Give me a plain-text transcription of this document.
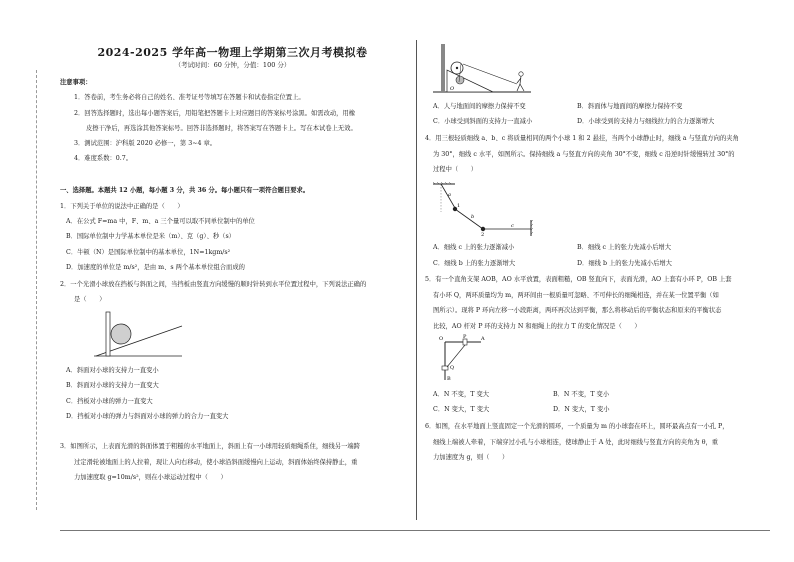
2024-2025 学年高一物理上学期第三次月考模拟卷
（考试时间：60 分钟，分值：100 分）
注意事项：
1．答卷前，考生务必将自己的姓名、准考证号等填写在答题卡和试卷指定位置上。
2．回答选择题时，选出每小题答案后，用铅笔把答题卡上对应题目的答案标号涂黑。如需改动，用橡
皮擦干净后，再选涂其他答案标号。回答非选择题时，将答案写在答题卡上。写在本试卷上无效。
3．测试范围：沪科版 2020 必修一，第 3~4 章。
4．难度系数：0.7。
一、选择题。本题共 12 小题，每小题 3 分，共 36 分。每小题只有一项符合题目要求。
1．下列关于单位的说法中正确的是（　　）
A．在公式 F=ma 中，F、m、a 三个量可以取不同单位制中的单位
B．国际单位制中力学基本单位是米（m）、克（g）、秒（s）
C．牛顿（N）是国际单位制中的基本单位，1N=1kgm/s²
D．加速度的单位是 m/s²，是由 m、s 两个基本单位组合而成的
2．一个光滑小球放在挡板与斜面之间，当挡板由竖直方向缓慢的顺时针转到水平位置过程中，下列说法正确的
是（　　）
A．斜面对小球的支持力一直变小
B．斜面对小球的支持力一直变大
C．挡板对小球的弹力一直变大
D．挡板对小球的弹力与斜面对小球的弹力的合力一直变大
3．如图所示，上表面光滑的斜面体置于粗糙的水平地面上，斜面上有一小球用轻质细绳系住，细线另一端跨
过定滑轮被地面上的人拉着，现让人向右移动，使小球沿斜面缓慢向上运动，斜面体始终保持静止，重
力加速度取 g=10m/s²，则在小球运动过程中（　　）
O
A．人与地面间的摩擦力保持不变	B．斜面体与地面间的摩擦力保持不变
C．小球受到斜面的支持力一直减小	D．小球受到的支持力与细线拉力的合力逐渐增大
4．用三根轻质细线 a、b、c 将质量相同的两个小球 1 和 2 悬挂，当两个小球静止时，细线 a 与竖直方向的夹角
为 30°，细线 c 水平，如图所示。保持细线 a 与竖直方向的夹角 30°不变，细线 c 沿逆时针缓慢转过 30°的
过程中（　　）
a
1
b
2
c
A．细线 c 上的张力逐渐减小	B．细线 c 上的张力先减小后增大
C．细线 b 上的张力逐渐增大	D．细线 b 上的张力先减小后增大
5．有一个直角支架 AOB，AO 水平放置，表面粗糙，OB 竖直向下，表面光滑，AO 上套有小环 P，OB 上套
有小环 Q，两环质量均为 m，两环间由一根质量可忽略、不可伸长的细绳相连，并在某一位置平衡（如
图所示）。现将 P 环向左移一小段距离，两环再次达到平衡，那么将移动后的平衡状态和原来的平衡状态
比较，AO 杆对 P 环的支持力 N 和细绳上的拉力 T 的变化情况是（　　）
A
O	P
Q
B
A．N 不变，T 变大	B．N 不变，T 变小
C．N 变大，T 变大	D．N 变大，T 变小
6．如图，在水平地面上竖直固定一个光滑的圆环，一个质量为 m 的小球套在环上，圆环最高点有一小孔 P，
细线上端被人牵着，下端穿过小孔与小球相连，使球静止于 A 处，此时细线与竖直方向的夹角为 θ，重
力加速度为 g，则（　　）
